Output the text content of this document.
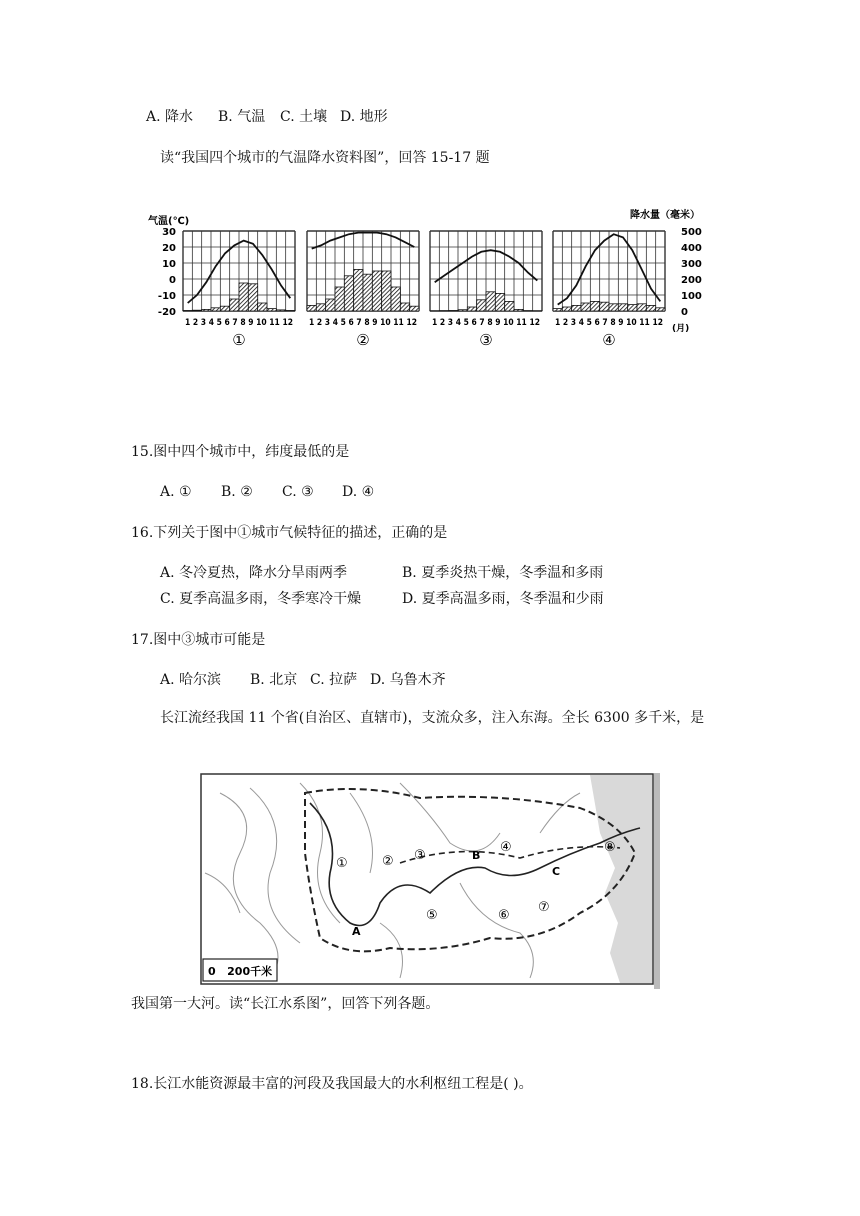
A. 降水 B. 气温 C. 土壤 D. 地形
读“我国四个城市的气温降水资料图”，回答 15-17 题
气温(℃)
降水量（毫米）
(月)
1 2 3 4 5 6 7 8 9 10 11 12
①
1 2 3 4 5 6 7 8 9 10 11 12
②
1 2 3 4 5 6 7 8 9 10 11 12
③
1 2 3 4 5 6 7 8 9 10 11 12
④
30
20
10
0
-10
-20
500
400
300
200
100
0
15.图中四个城市中，纬度最低的是
A. ① B. ② C. ③ D. ④
16.下列关于图中①城市气候特征的描述，正确的是
A. 冬冷夏热，降水分旱雨两季	B. 夏季炎热干燥，冬季温和多雨
C. 夏季高温多雨，冬季寒冷干燥	D. 夏季高温多雨，冬季温和少雨
17.图中③城市可能是
A. 哈尔滨 B. 北京 C. 拉萨 D. 乌鲁木齐
长江流经我国 11 个省(自治区、直辖市)，支流众多，注入东海。全长 6300 多千米，是
①	② ③
④
⑤	⑥
⑦
⑧
A
B
C
0   200千米
我国第一大河。读“长江水系图”，回答下列各题。
18.长江水能资源最丰富的河段及我国最大的水利枢纽工程是( )。
